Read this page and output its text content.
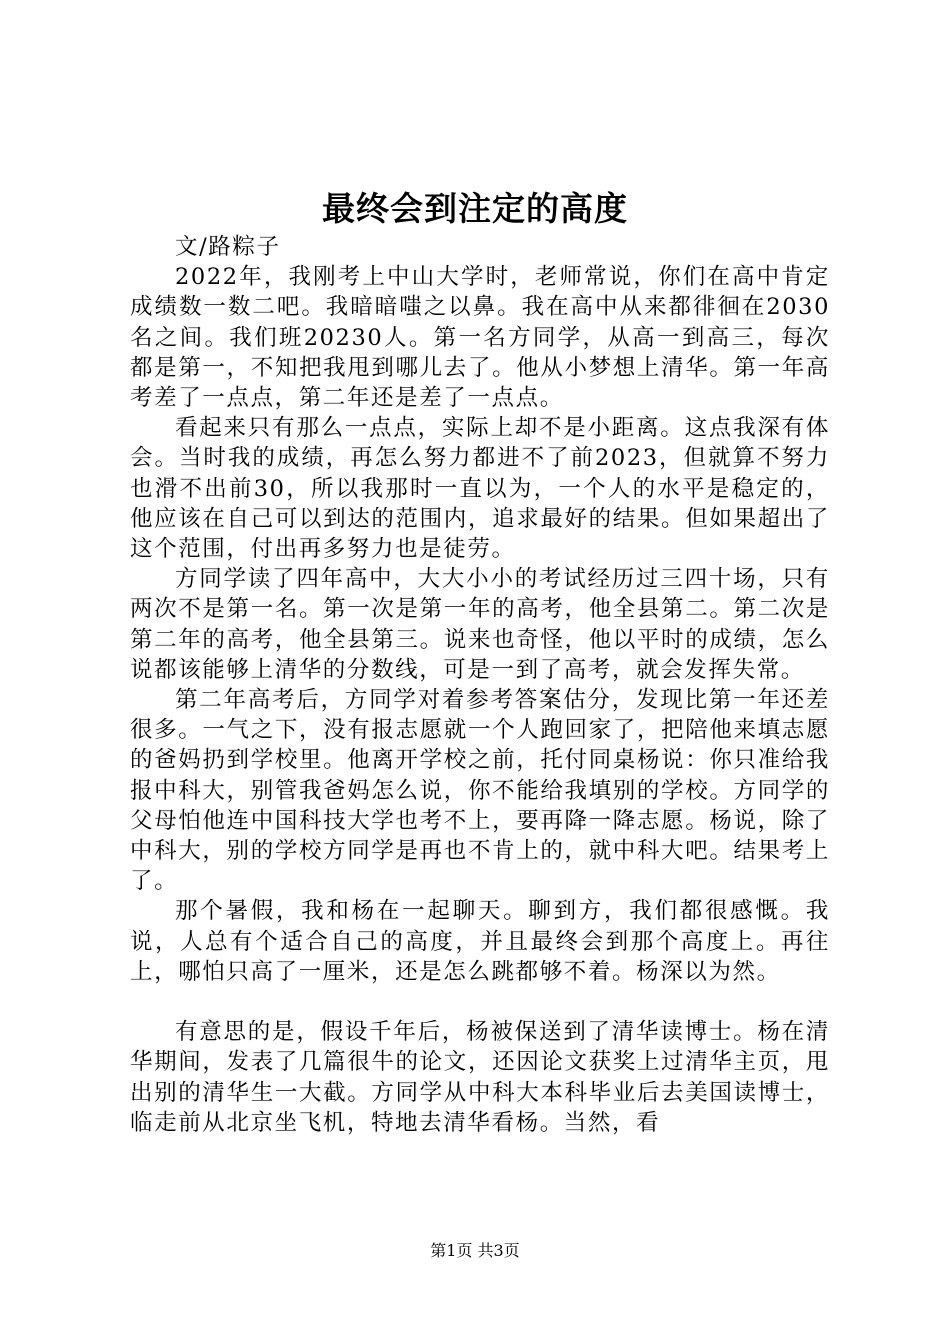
最终会到注定的高度

文/路粽子

2022年，我刚考上中山大学时，老师常说，你们在高中肯定成绩数一数二吧。我暗暗嗤之以鼻。我在高中从来都徘徊在2030名之间。我们班20230人。第一名方同学，从高一到高三，每次都是第一，不知把我甩到哪儿去了。他从小梦想上清华。第一年高考差了一点点，第二年还是差了一点点。

看起来只有那么一点点，实际上却不是小距离。这点我深有体会。当时我的成绩，再怎么努力都进不了前2023，但就算不努力也滑不出前30，所以我那时一直以为，一个人的水平是稳定的，他应该在自己可以到达的范围内，追求最好的结果。但如果超出了这个范围，付出再多努力也是徒劳。

方同学读了四年高中，大大小小的考试经历过三四十场，只有两次不是第一名。第一次是第一年的高考，他全县第二。第二次是第二年的高考，他全县第三。说来也奇怪，他以平时的成绩，怎么说都该能够上清华的分数线，可是一到了高考，就会发挥失常。

第二年高考后，方同学对着参考答案估分，发现比第一年还差很多。一气之下，没有报志愿就一个人跑回家了，把陪他来填志愿的爸妈扔到学校里。他离开学校之前，托付同桌杨说：你只准给我报中科大，别管我爸妈怎么说，你不能给我填别的学校。方同学的父母怕他连中国科技大学也考不上，要再降一降志愿。杨说，除了中科大，别的学校方同学是再也不肯上的，就中科大吧。结果考上了。

那个暑假，我和杨在一起聊天。聊到方，我们都很感慨。我说，人总有个适合自己的高度，并且最终会到那个高度上。再往上，哪怕只高了一厘米，还是怎么跳都够不着。杨深以为然。

有意思的是，假设千年后，杨被保送到了清华读博士。杨在清华期间，发表了几篇很牛的论文，还因论文获奖上过清华主页，甩出别的清华生一大截。方同学从中科大本科毕业后去美国读博士，临走前从北京坐飞机，特地去清华看杨。当然，看

第1页 共3页
